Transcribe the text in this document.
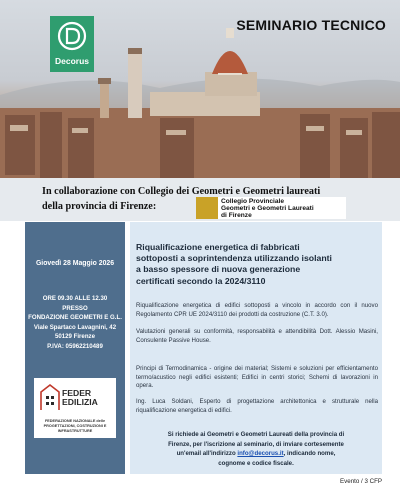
Decorus
SEMINARIO TECNICO
In collaborazione con Collegio dei Geometri e Geometri laureati
della provincia di Firenze:	Collegio Provinciale
Geometri e Geometri Laureati
di Firenze
Giovedì 28 Maggio 2026
ORE 09.30 ALLE 12.30
PRESSO
FONDAZIONE GEOMETRI E G.L.
Viale Spartaco Lavagnini, 42
50129 Firenze
P.IVA: 05962210489
FEDER
EDILIZIA
FEDERAZIONE NAZIONALE delle
PROGETTAZIONI, COSTRUZIONI E INFRASTRUTTURE
Riqualificazione energetica di fabbricati
sottoposti a soprintendenza utilizzando isolanti
a basso spessore di nuova generazione
certificati secondo la 2024/3110
Riqualificazione energetica di edifici sottoposti a vincolo in accordo con il nuovo Regolamento CPR UE 2024/3110 dei prodotti da costruzione (C.T. 3.0).
Valutazioni generali su conformità, responsabilità e attendibilità Dott. Alessio Masini, Consulente Passive House.
Principi di Termodinamica - origine dei material; Sistemi e soluzioni per efficientamento termo/acustico negli edifici esistenti; Edifici in centri storici; Schemi di lavorazioni in opera.
Ing. Luca Soldani, Esperto di progettazione architettonica e strutturale nella riqualificazione energetica di edifici.
Si richiede ai Geometri e Geometri Laureati della provincia di
Firenze, per l'iscrizione al seminario, di inviare cortesemente
un'email all'indirizzo info@decorus.it, indicando nome,
cognome e codice fiscale.
Evento / 3 CFP
